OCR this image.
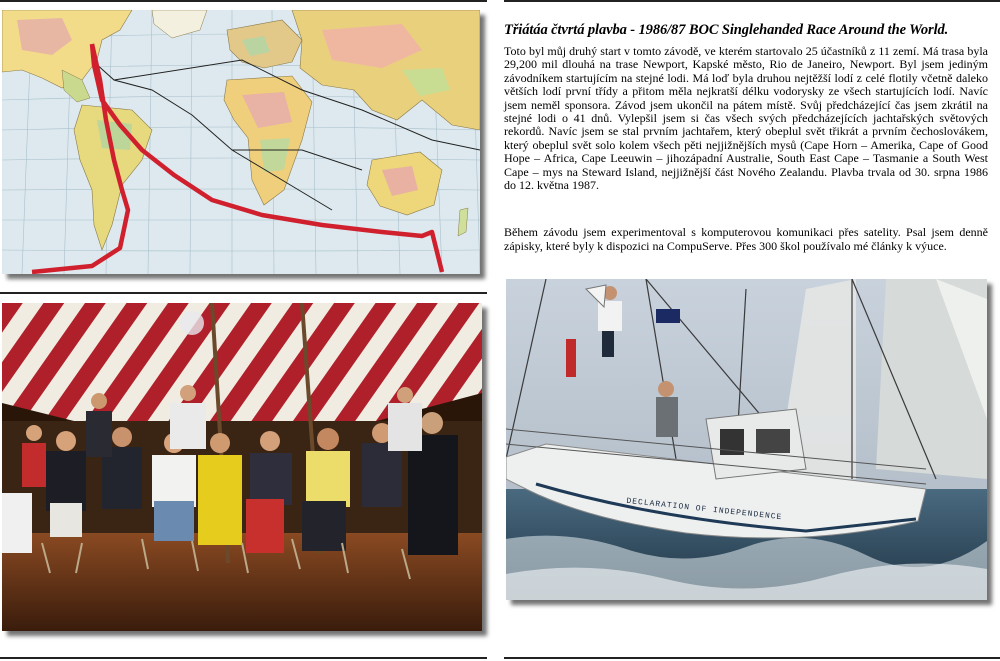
Třiátáa čtvrtá plavba - 1986/87 BOC Singlehanded Race Around the World.

Toto byl můj druhý start v tomto závodě, ve kterém startovalo 25 účastníků z 11 zemí. Má trasa byla 29,200 mil dlouhá na trase Newport, Kapské město, Rio de Janeiro, Newport. Byl jsem jediným závodníkem startujícím na stejné lodi. Má loď byla druhou nejtěžší lodí z celé flotily včetně daleko větších lodí první třídy a přitom měla nejkratší délku vodorysky ze všech startujících lodí. Navíc jsem neměl sponsora. Závod jsem ukončil na pátem místě. Svůj předcházející čas jsem zkrátil na stejné lodi o 41 dnů. Vylepšil jsem si čas všech svých předcházejících jachtařských světových rekordů. Navíc jsem se stal prvním jachtařem, který obeplul svět třikrát a prvním čechoslovákem, který obeplul svět solo kolem všech pěti nejjižnějších mysů (Cape Horn – Amerika, Cape of Good Hope – Africa, Cape Leeuwin – jihozápadní Australie, South East Cape – Tasmanie a South West Cape – mys na Steward Island, nejjižnější část Nového Zealandu. Plavba trvala od 30. srpna 1986 do 12. května 1987.

Během závodu jsem experimentoval s komputerovou komunikaci přes satelity. Psal jsem denně zápisky, které byly k dispozici na CompuServe. Přes 300 škol používalo mé články k výuce.

DECLARATION OF INDEPENDENCE
